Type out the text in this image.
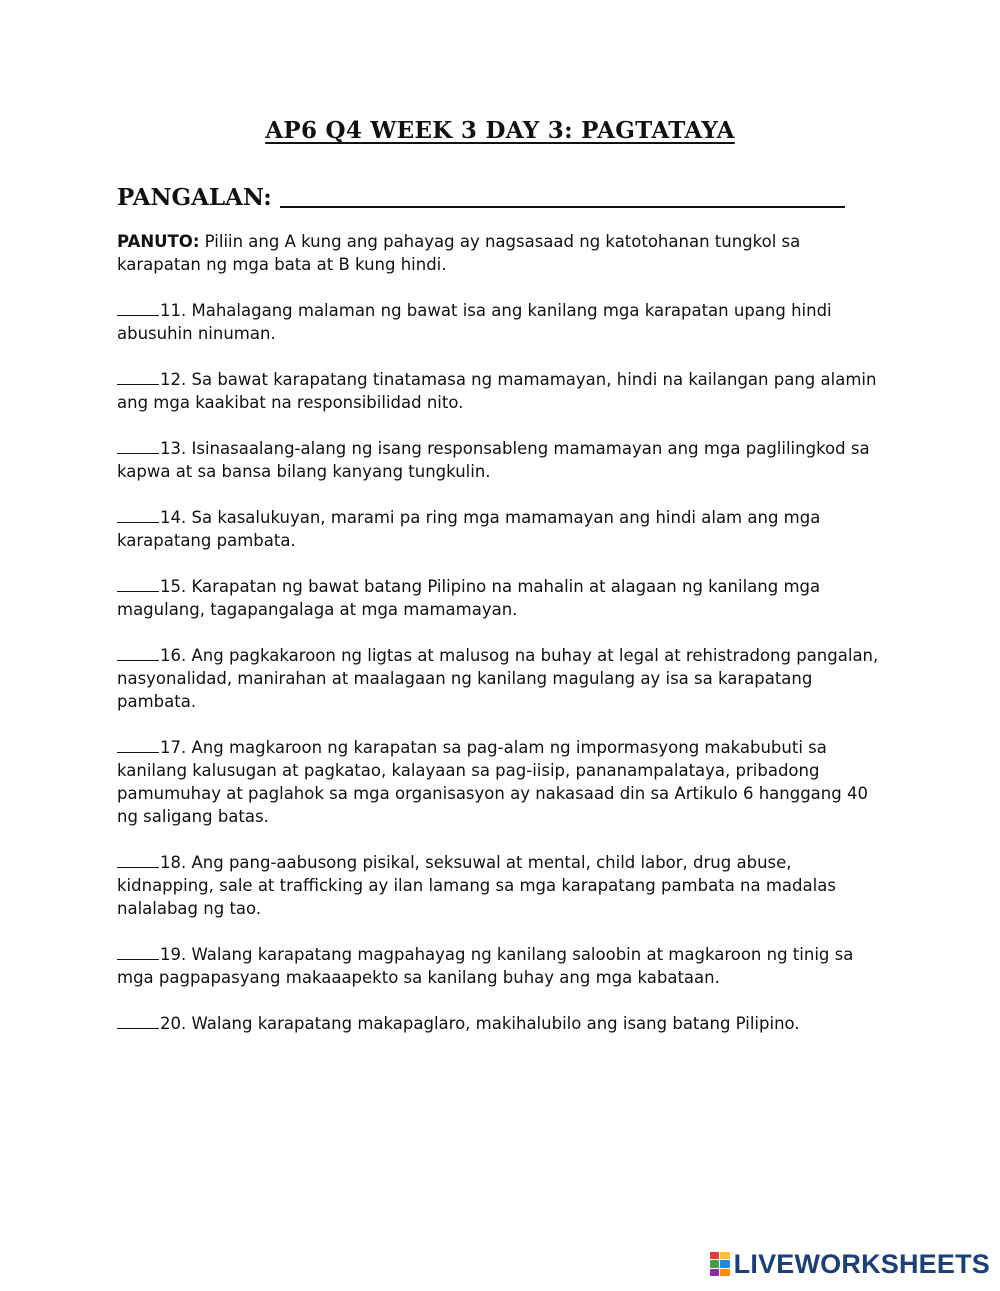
AP6 Q4 WEEK 3 DAY 3: PAGTATAYA
PANGALAN:

PANUTO: Piliin ang A kung ang pahayag ay nagsasaad ng katotohanan tungkol sa karapatan ng mga bata at B kung hindi.

11. Mahalagang malaman ng bawat isa ang kanilang mga karapatan upang hindi abusuhin ninuman.

12. Sa bawat karapatang tinatamasa ng mamamayan, hindi na kailangan pang alamin ang mga kaakibat na responsibilidad nito.

13. Isinasaalang-alang ng isang responsableng mamamayan ang mga paglilingkod sa kapwa at sa bansa bilang kanyang tungkulin.

14. Sa kasalukuyan, marami pa ring mga mamamayan ang hindi alam ang mga karapatang pambata.

15. Karapatan ng bawat batang Pilipino na mahalin at alagaan ng kanilang mga magulang, tagapangalaga at mga mamamayan.

16. Ang pagkakaroon ng ligtas at malusog na buhay at legal at rehistradong pangalan, nasyonalidad, manirahan at maalagaan ng kanilang magulang ay isa sa karapatang pambata.

17. Ang magkaroon ng karapatan sa pag-alam ng impormasyong makabubuti sa kanilang kalusugan at pagkatao, kalayaan sa pag-iisip, pananampalataya, pribadong pamumuhay at paglahok sa mga organisasyon ay nakasaad din sa Artikulo 6 hanggang 40 ng saligang batas.

18. Ang pang-aabusong pisikal, seksuwal at mental, child labor, drug abuse, kidnapping, sale at trafficking ay ilan lamang sa mga karapatang pambata na madalas nalalabag ng tao.

19. Walang karapatang magpahayag ng kanilang saloobin at magkaroon ng tinig sa mga pagpapasyang makaaapekto sa kanilang buhay ang mga kabataan.

20. Walang karapatang makapaglaro, makihalubilo ang isang batang Pilipino.

LIVEWORKSHEETS
